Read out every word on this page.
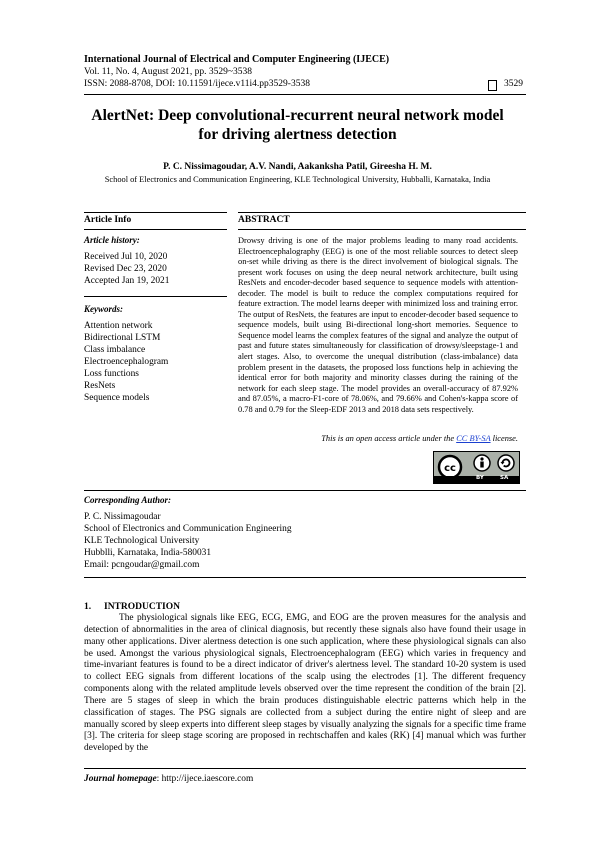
International Journal of Electrical and Computer Engineering (IJECE)
Vol. 11, No. 4, August 2021, pp. 3529~3538
ISSN: 2088-8708, DOI: 10.11591/ijece.v11i4.pp3529-3538	3529
AlertNet: Deep convolutional-recurrent neural network model
for driving alertness detection
P. C. Nissimagoudar, A.V. Nandi, Aakanksha Patil, Gireesha H. M.
School of Electronics and Communication Engineering, KLE Technological University, Hubballi, Karnataka, India
Article Info	ABSTRACT
Article history:
Received Jul 10, 2020
Revised Dec 23, 2020
Accepted Jan 19, 2021
Keywords:
Attention network
Bidirectional LSTM
Class imbalance
Electroencephalogram
Loss functions
ResNets
Sequence models
Drowsy driving is one of the major problems leading to many road accidents. Electroencephalography (EEG) is one of the most reliable sources to detect sleep on-set while driving as there is the direct involvement of biological signals. The present work focuses on using the deep neural network architecture, built using ResNets and encoder-decoder based sequence to sequence models with attention-decoder. The model is built to reduce the complex computations required for feature extraction. The model learns deeper with minimized loss and training error. The output of ResNets, the features are input to encoder-decoder based sequence to sequence models, built using Bi-directional long-short memories. Sequence to Sequence model learns the complex features of the signal and analyze the output of past and future states simultaneously for classification of drowsy/sleepstage-1 and alert stages. Also, to overcome the unequal distribution (class-imbalance) data problem present in the datasets, the proposed loss functions help in achieving the identical error for both majority and minority classes during the raining of the network for each sleep stage. The model provides an overall-accuracy of 87.92% and 87.05%, a macro-F1-core of 78.06%, and 79.66% and Cohen's-kappa score of 0.78 and 0.79 for the Sleep-EDF 2013 and 2018 data sets respectively.
This is an open access article under the CC BY-SA license.
cc
BY	SA
Corresponding Author:
P. C. Nissimagoudar
School of Electronics and Communication Engineering
KLE Technological University
Hubblli, Karnataka, India-580031
Email: pcngoudar@gmail.com
1. INTRODUCTION

The physiological signals like EEG, ECG, EMG, and EOG are the proven measures for the analysis and detection of abnormalities in the area of clinical diagnosis, but recently these signals also have found their usage in many other applications. Diver alertness detection is one such application, where these physiological signals can also be used. Amongst the various physiological signals, Electroencephalogram (EEG) which varies in frequency and time-invariant features is found to be a direct indicator of driver's alertness level. The standard 10-20 system is used to collect EEG signals from different locations of the scalp using the electrodes [1]. The different frequency components along with the related amplitude levels observed over the time represent the condition of the brain [2]. There are 5 stages of sleep in which the brain produces distinguishable electric patterns which help in the classification of stages. The PSG signals are collected from a subject during the entire night of sleep and are manually scored by sleep experts into different sleep stages by visually analyzing the signals for a specific time frame [3]. The criteria for sleep stage scoring are proposed in rechtschaffen and kales (RK) [4] manual which was further developed by the

Journal homepage: http://ijece.iaescore.com
